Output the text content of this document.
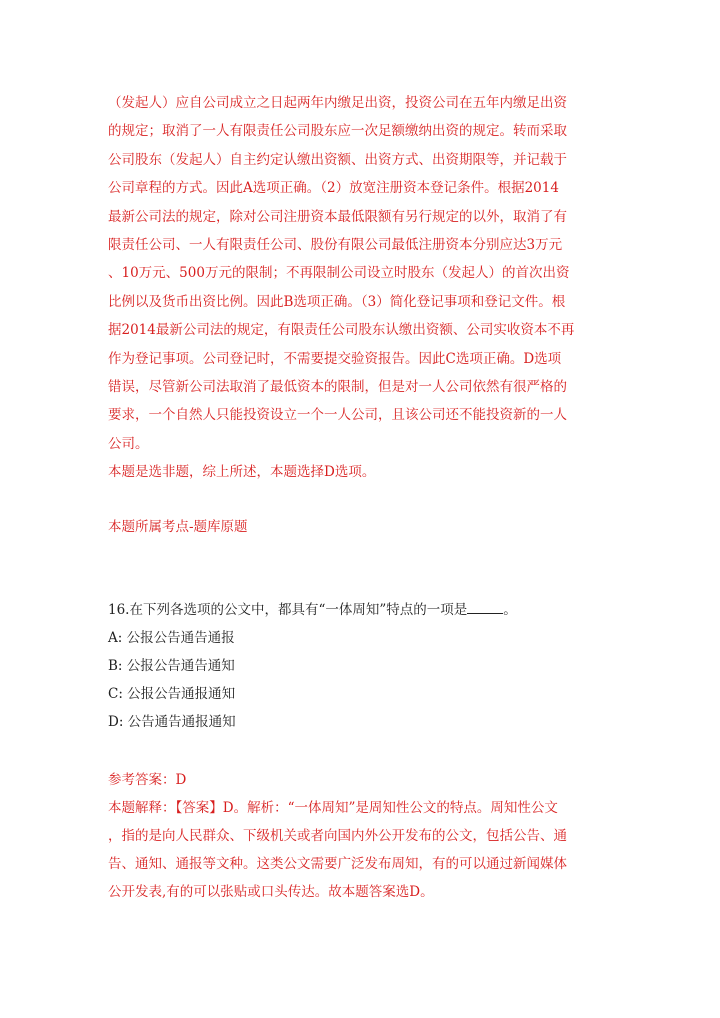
（发起人）应自公司成立之日起两年内缴足出资，投资公司在五年内缴足出资
的规定；取消了一人有限责任公司股东应一次足额缴纳出资的规定。转而采取
公司股东（发起人）自主约定认缴出资额、出资方式、出资期限等，并记载于
公司章程的方式。因此A选项正确。（2）放宽注册资本登记条件。根据2014
最新公司法的规定，除对公司注册资本最低限额有另行规定的以外，取消了有
限责任公司、一人有限责任公司、股份有限公司最低注册资本分别应达3万元
、10万元、500万元的限制；不再限制公司设立时股东（发起人）的首次出资
比例以及货币出资比例。因此B选项正确。（3）简化登记事项和登记文件。根
据2014最新公司法的规定，有限责任公司股东认缴出资额、公司实收资本不再
作为登记事项。公司登记时，不需要提交验资报告。因此C选项正确。D选项
错误，尽管新公司法取消了最低资本的限制，但是对一人公司依然有很严格的
要求，一个自然人只能投资设立一个一人公司，且该公司还不能投资新的一人
公司。
本题是选非题，综上所述，本题选择D选项。
本题所属考点-题库原题
16.在下列各选项的公文中，都具有“一体周知”特点的一项是	。
A: 公报公告通告通报
B: 公报公告通告通知
C: 公报公告通报通知
D: 公告通告通报通知
参考答案：D
本题解释：【答案】D。解析：“一体周知”是周知性公文的特点。周知性公文
，指的是向人民群众、下级机关或者向国内外公开发布的公文，包括公告、通
告、通知、通报等文种。这类公文需要广泛发布周知，有的可以通过新闻媒体
公开发表,有的可以张贴或口头传达。故本题答案选D。
